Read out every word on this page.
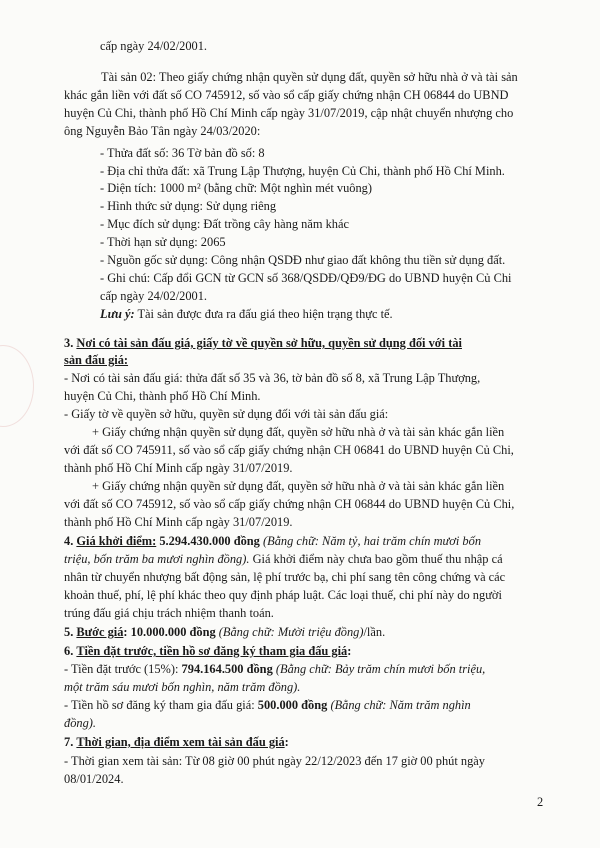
cấp ngày 24/02/2001.
Tài sản 02: Theo giấy chứng nhận quyền sử dụng đất, quyền sở hữu nhà ở và tài sản
khác gắn liền với đất số CO 745912, số vào sổ cấp giấy chứng nhận CH 06844 do UBND
huyện Củ Chi, thành phố Hồ Chí Minh cấp ngày 31/07/2019, cập nhật chuyển nhượng cho
ông Nguyễn Bảo Tân ngày 24/03/2020:
- Thửa đất số: 36 Tờ bản đồ số: 8
- Địa chỉ thửa đất: xã Trung Lập Thượng, huyện Củ Chi, thành phố Hồ Chí Minh.
- Diện tích: 1000 m² (bằng chữ: Một nghìn mét vuông)
- Hình thức sử dụng: Sử dụng riêng
- Mục đích sử dụng: Đất trồng cây hàng năm khác
- Thời hạn sử dụng: 2065
- Nguồn gốc sử dụng: Công nhận QSDĐ như giao đất không thu tiền sử dụng đất.
- Ghi chú: Cấp đổi GCN từ GCN số 368/QSDĐ/QĐ9/ĐG do UBND huyện Củ Chi
cấp ngày 24/02/2001.
Lưu ý: Tài sản được đưa ra đấu giá theo hiện trạng thực tế.
3. Nơi có tài sản đấu giá, giấy tờ về quyền sở hữu, quyền sử dụng đối với tài
sản đấu giá:
- Nơi có tài sản đấu giá: thửa đất số 35 và 36, tờ bản đồ số 8, xã Trung Lập Thượng,
huyện Củ Chi, thành phố Hồ Chí Minh.
- Giấy tờ về quyền sở hữu, quyền sử dụng đối với tài sản đấu giá:
+ Giấy chứng nhận quyền sử dụng đất, quyền sở hữu nhà ở và tài sản khác gắn liền
với đất số CO 745911, số vào sổ cấp giấy chứng nhận CH 06841 do UBND huyện Củ Chi,
thành phố Hồ Chí Minh cấp ngày 31/07/2019.
+ Giấy chứng nhận quyền sử dụng đất, quyền sở hữu nhà ở và tài sản khác gắn liền
với đất số CO 745912, số vào sổ cấp giấy chứng nhận CH 06844 do UBND huyện Củ Chi,
thành phố Hồ Chí Minh cấp ngày 31/07/2019.
4. Giá khởi điểm: 5.294.430.000 đồng (Bằng chữ: Năm tỷ, hai trăm chín mươi bốn
triệu, bốn trăm ba mươi nghìn đồng). Giá khởi điểm này chưa bao gồm thuế thu nhập cá
nhân từ chuyển nhượng bất động sản, lệ phí trước bạ, chi phí sang tên công chứng và các
khoản thuế, phí, lệ phí khác theo quy định pháp luật. Các loại thuế, chi phí này do người
trúng đấu giá chịu trách nhiệm thanh toán.
5. Bước giá: 10.000.000 đồng (Bằng chữ: Mười triệu đồng)/lần.
6. Tiền đặt trước, tiền hồ sơ đăng ký tham gia đấu giá:
- Tiền đặt trước (15%): 794.164.500 đồng (Bằng chữ: Bảy trăm chín mươi bốn triệu,
một trăm sáu mươi bốn nghìn, năm trăm đồng).
- Tiền hồ sơ đăng ký tham gia đấu giá: 500.000 đồng (Bằng chữ: Năm trăm nghìn
đồng).
7. Thời gian, địa điểm xem tài sản đấu giá:
- Thời gian xem tài sản: Từ 08 giờ 00 phút ngày 22/12/2023 đến 17 giờ 00 phút ngày
08/01/2024.
2
